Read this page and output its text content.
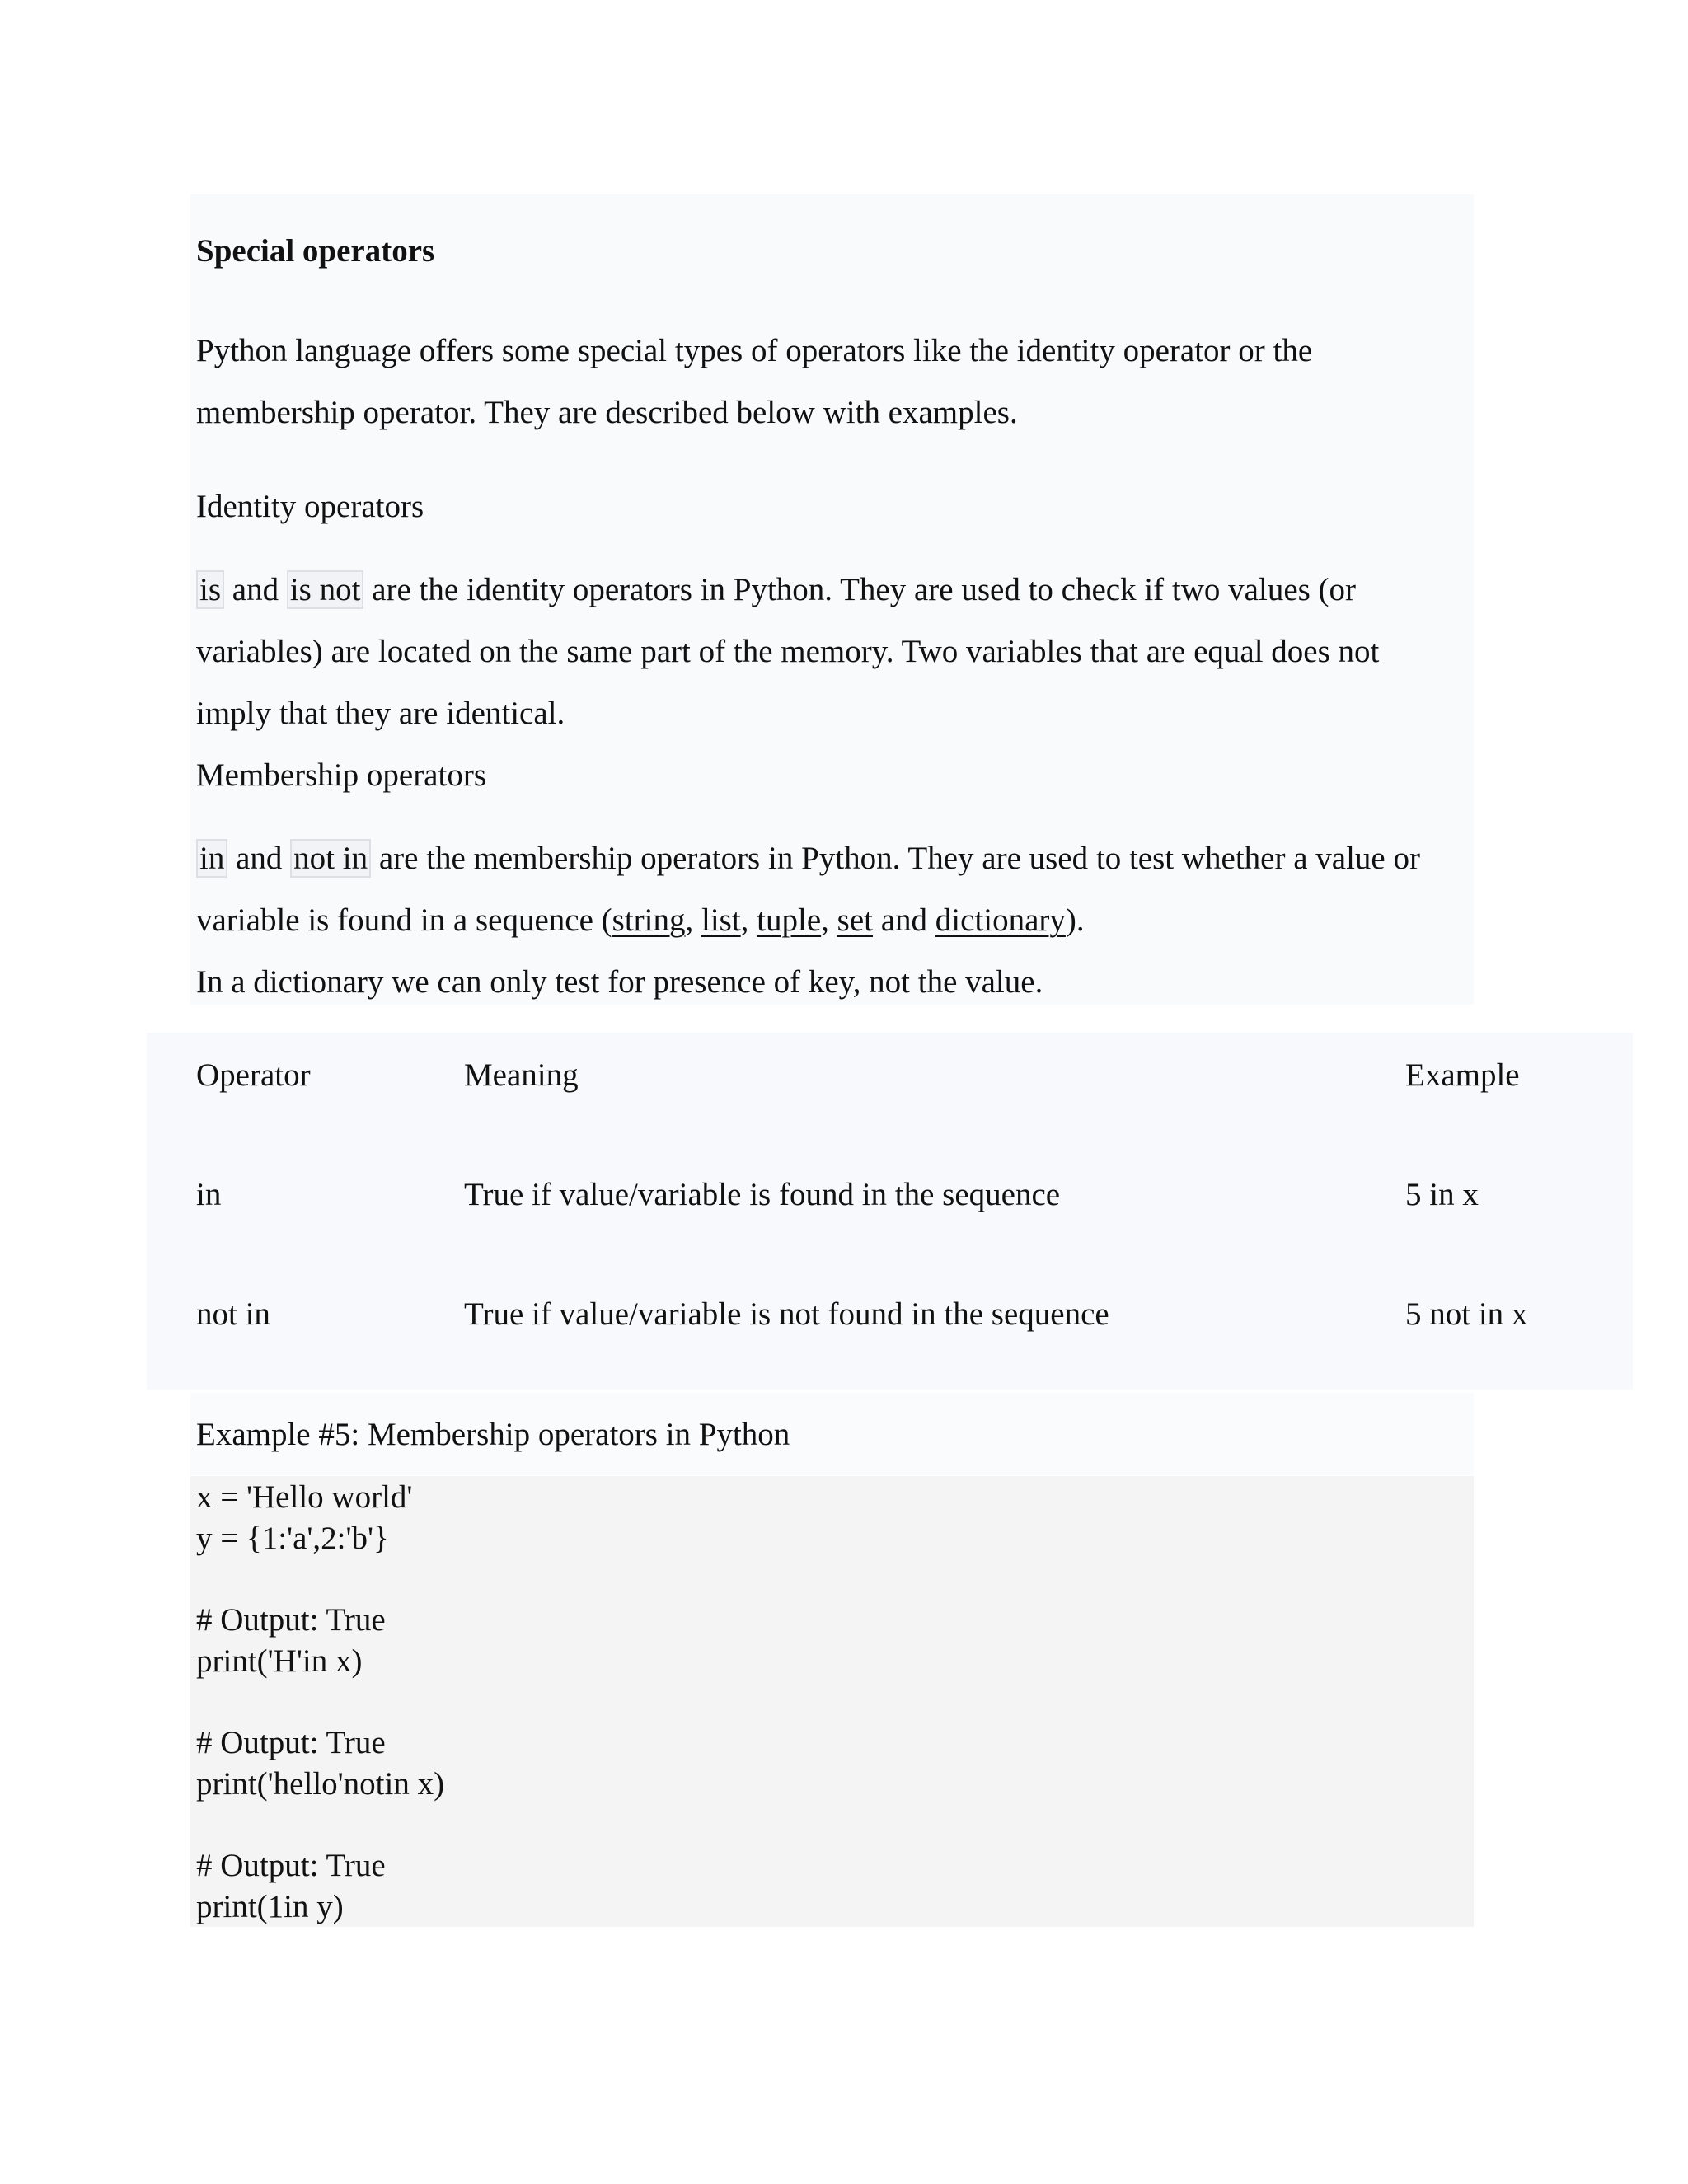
Special operators

Python language offers some special types of operators like the identity operator or the

membership operator. They are described below with examples.

Identity operators

is and is not are the identity operators in Python. They are used to check if two values (or

variables) are located on the same part of the memory. Two variables that are equal does not

imply that they are identical.

Membership operators

in and not in are the membership operators in Python. They are used to test whether a value or

variable is found in a sequence (string, list, tuple, set and dictionary).

In a dictionary we can only test for presence of key, not the value.

Operator	Meaning	Example
in	True if value/variable is found in the sequence	5 in x
not in	True if value/variable is not found in the sequence	5 not in x

Example #5: Membership operators in Python

x = 'Hello world'
y = {1:'a',2:'b'}
# Output: True
print('H'in x)
# Output: True
print('hello'notin x)
# Output: True
print(1in y)
